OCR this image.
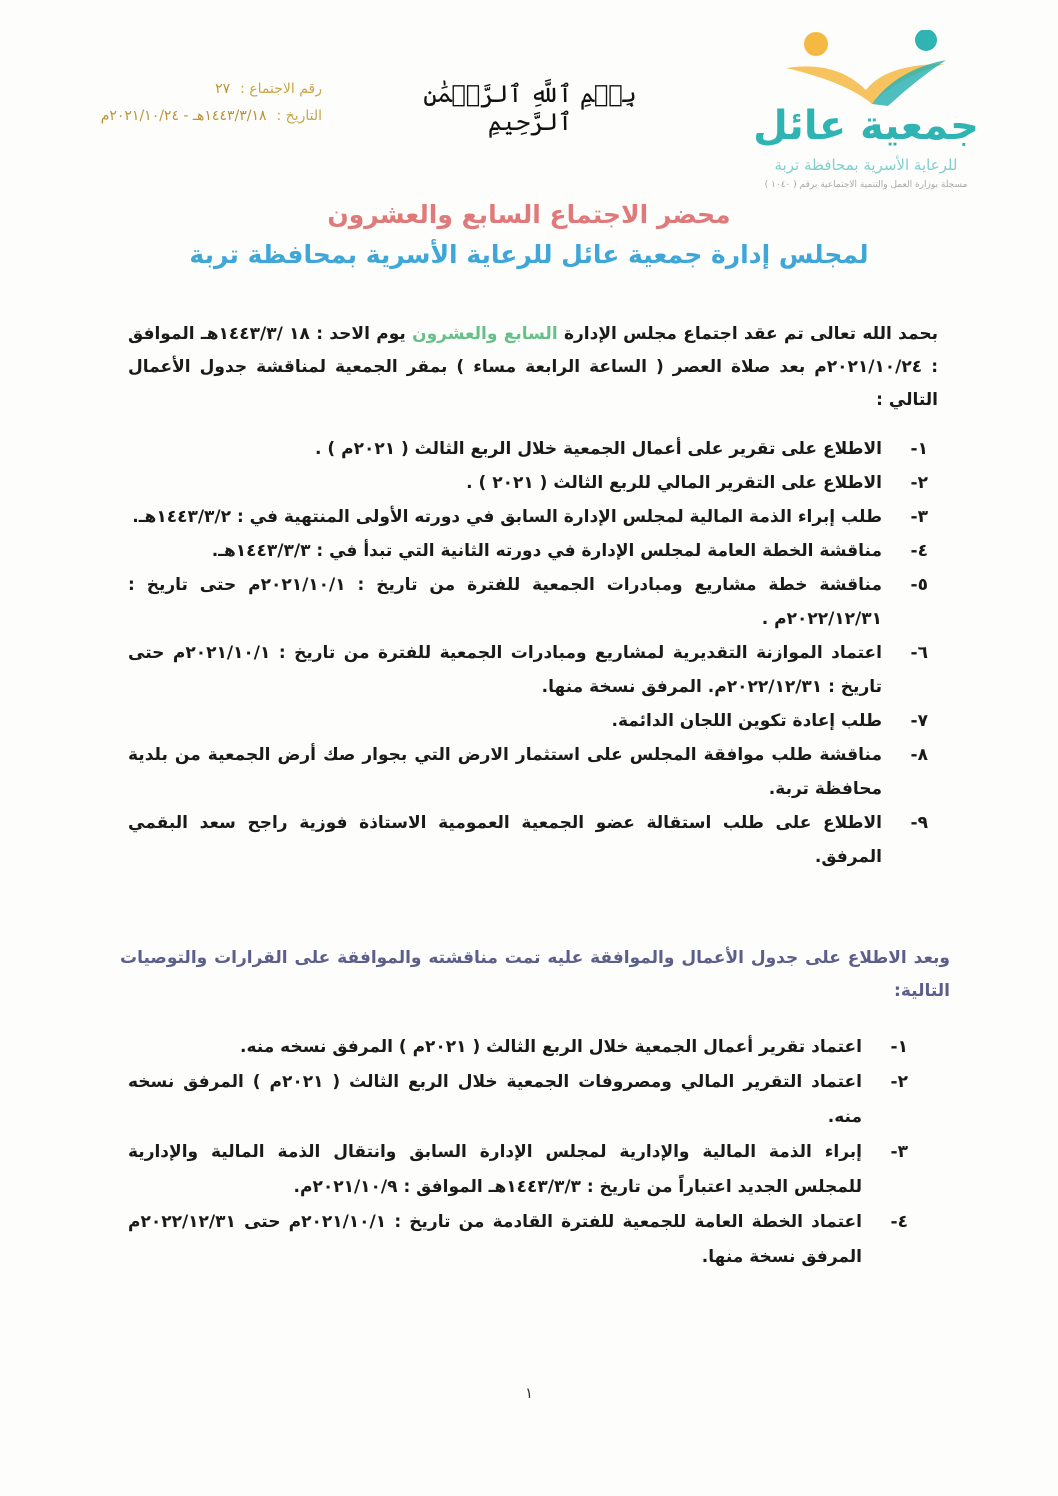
جمعية عائل
للرعاية الأسرية بمحافظة تربة
مسجلة بوزارة العمل والتنمية الاجتماعية برقم ( ١٠٤٠ )
بِسۡمِ ٱللَّهِ ٱلرَّحۡمَٰنِ ٱلرَّحِيمِ
رقم الاجتماع :
٢٧
التاريخ :
١٤٤٣/٣/١٨هـ - ٢٠٢١/١٠/٢٤م
محضر الاجتماع السابع والعشرون
لمجلس إدارة جمعية عائل للرعاية الأسرية بمحافظة تربة
بحمد الله تعالى تم عقد اجتماع مجلس الإدارة السابع والعشرون يوم الاحد : ١٨ /١٤٤٣/٣هـ الموافق : ٢٠٢١/١٠/٢٤م بعد صلاة العصر ( الساعة الرابعة مساء ) بمقر الجمعية لمناقشة جدول الأعمال التالي :
١-
الاطلاع على تقرير على أعمال الجمعية خلال الربع الثالث ( ٢٠٢١م ) .
٢-
الاطلاع على التقرير المالي للربع الثالث ( ٢٠٢١ ) .
٣-
طلب إبراء الذمة المالية لمجلس الإدارة السابق في دورته الأولى المنتهية في : ١٤٤٣/٣/٢هـ.
٤-
مناقشة الخطة العامة لمجلس الإدارة في دورته الثانية التي تبدأ في : ١٤٤٣/٣/٣هـ.
٥-
مناقشة خطة مشاريع ومبادرات الجمعية للفترة من تاريخ : ٢٠٢١/١٠/١م حتى تاريخ : ٢٠٢٢/١٢/٣١م .
٦-
اعتماد الموازنة التقديرية لمشاريع ومبادرات الجمعية للفترة من تاريخ : ٢٠٢١/١٠/١م حتى تاريخ : ٢٠٢٢/١٢/٣١م. المرفق نسخة منها.
٧-
طلب إعادة تكوين اللجان الدائمة.
٨-
مناقشة طلب موافقة المجلس على استثمار الارض التي بجوار صك أرض الجمعية من بلدية محافظة تربة.
٩-
الاطلاع على طلب استقالة عضو الجمعية العمومية الاستاذة فوزية راجح سعد البقمي المرفق.
وبعد الاطلاع على جدول الأعمال والموافقة عليه تمت مناقشته والموافقة على القرارات والتوصيات التالية:
١-
اعتماد تقرير أعمال الجمعية خلال الربع الثالث ( ٢٠٢١م ) المرفق نسخه منه.
٢-
اعتماد التقرير المالي ومصروفات الجمعية خلال الربع الثالث ( ٢٠٢١م ) المرفق نسخه منه.
٣-
إبراء الذمة المالية والإدارية لمجلس الإدارة السابق وانتقال الذمة المالية والإدارية للمجلس الجديد اعتباراً من تاريخ : ١٤٤٣/٣/٣هـ الموافق : ٢٠٢١/١٠/٩م.
٤-
اعتماد الخطة العامة للجمعية للفترة القادمة من تاريخ : ٢٠٢١/١٠/١م حتى ٢٠٢٢/١٢/٣١م المرفق نسخة منها.
١
